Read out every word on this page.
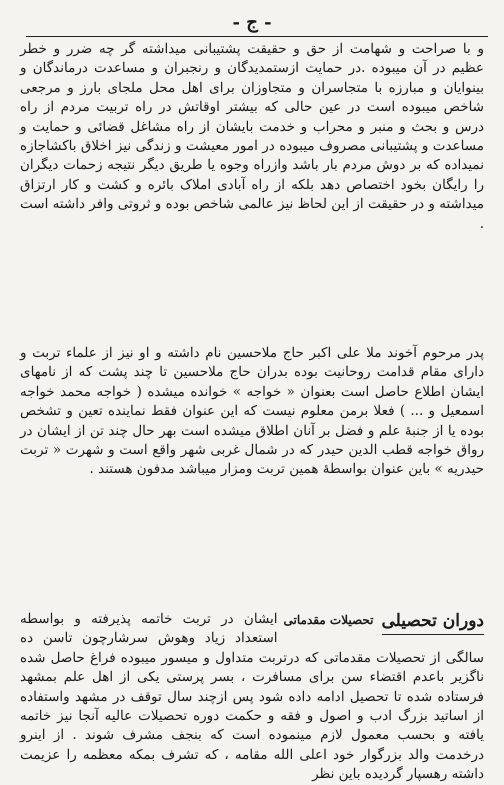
- ج -

و با صراحت و شهامت از حق و حقیقت پشتیبانی میداشته گر چه ضرر و خطر عظیم در آن میبوده .در حمایت ازستمدیدگان و رنجبران و مساعدت درماندگان و بینوایان و مبارزه با متجاسران و متجاوزان برای اهل محل ملجای بارز و مرجعی شاخص میبوده است در عین حالی که بیشتر اوقاتش در راه تربیت مردم از راه درس و بحث و منبر و محراب و خدمت بایشان از راه مشاغل قضائی و حمایت و مساعدت و پشتیبانی مصروف میبوده در امور معیشت و زندگی نیز اخلاق باکشاجازه نمیداده که بر دوش مردم بار باشد وازراه وجوه یا طریق دیگر نتیجه زحمات دیگران را رایگان بخود اختصاص دهد بلکه از راه آبادی املاک بائره و کشت و کار ارتزاق میداشته و در حقیقت از این لحاظ نیز عالمی شاخص بوده و ثروتی وافر داشته است .

پدر مرحوم آخوند ملا علی اکبر حاج ملاحسین نام داشته و او نیز از علماء تربت و دارای مقام قدامت روحانیت بوده بدران حاج ملاحسین تا چند پشت که از نامهای ایشان اطلاع حاصل است بعنوان « خواجه » خوانده میشده ( خواجه محمد خواجه اسمعیل و ... ) فعلا برمن معلوم نیست که این عنوان فقط نماینده تعین و تشخص بوده یا از جنبهٔ علم و فضل بر آنان اطلاق میشده است بهر حال چند تن از ایشان در رواق خواجه قطب الدین حیدر که در شمال غربی شهر واقع است و شهرت « تربت حیدریه » باین عنوان بواسطهٔ همین تربت ومزار میباشد مدفون هستند .

دوران تحصیلی
تحصیلات مقدماتی

ایشان در تربت خاتمه پذیرفته و بواسطه استعداد زیاد وهوش سرشارچون تاسن ده سالگی از تحصیلات مقدماتی که درتربت متداول و میسور میبوده فراغ حاصل شده ناگزیر باعدم اقتضاء سن برای مسافرت ، بسر پرستی یکی از اهل علم بمشهد فرستاده شده تا تحصیل ادامه داده شود پس ازچند سال توقف در مشهد واستفاده از اساتید بزرگ ادب و اصول و فقه و حکمت دوره تحصیلات عالیه آنجا نیز خاتمه یافته و بحسب معمول لازم مینموده است که بنجف مشرف شوند . از اینرو درخدمت والد بزرگوار خود اعلی الله مقامه ، که تشرف بمکه معظمه را عزیمت داشته رهسپار گردیده باین نظر
